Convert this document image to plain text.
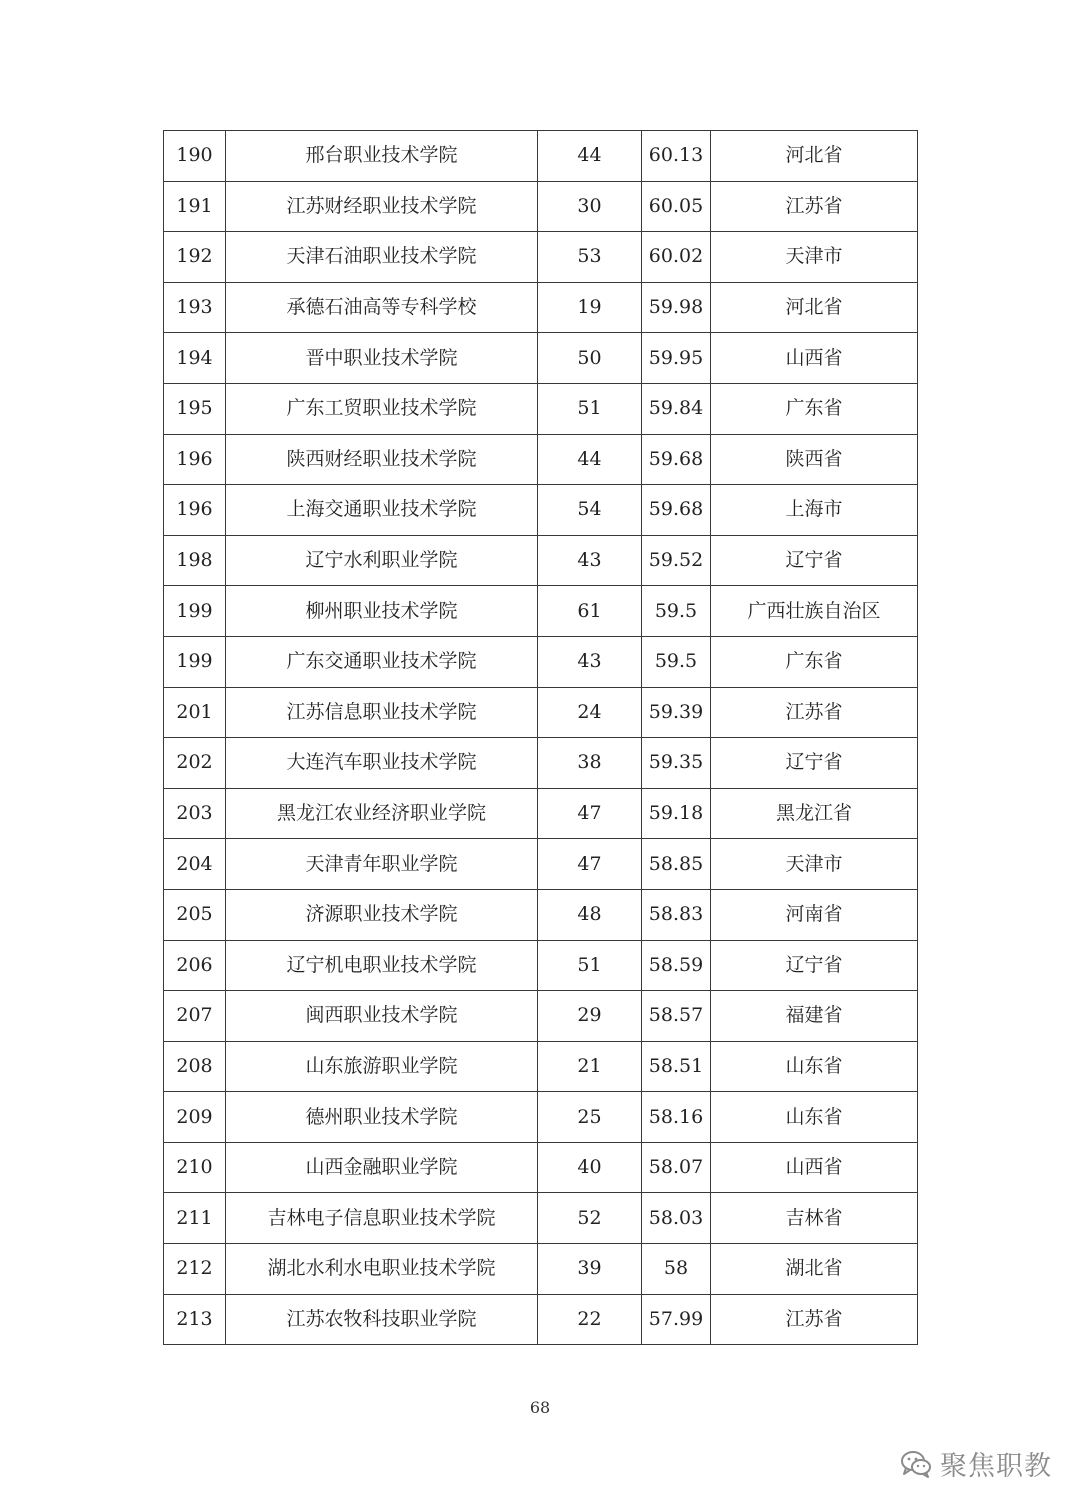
190	邢台职业技术学院	44	60.13	河北省
191	江苏财经职业技术学院	30	60.05	江苏省
192	天津石油职业技术学院	53	60.02	天津市
193	承德石油高等专科学校	19	59.98	河北省
194	晋中职业技术学院	50	59.95	山西省
195	广东工贸职业技术学院	51	59.84	广东省
196	陕西财经职业技术学院	44	59.68	陕西省
196	上海交通职业技术学院	54	59.68	上海市
198	辽宁水利职业学院	43	59.52	辽宁省
199	柳州职业技术学院	61	59.5	广西壮族自治区
199	广东交通职业技术学院	43	59.5	广东省
201	江苏信息职业技术学院	24	59.39	江苏省
202	大连汽车职业技术学院	38	59.35	辽宁省
203	黑龙江农业经济职业学院	47	59.18	黑龙江省
204	天津青年职业学院	47	58.85	天津市
205	济源职业技术学院	48	58.83	河南省
206	辽宁机电职业技术学院	51	58.59	辽宁省
207	闽西职业技术学院	29	58.57	福建省
208	山东旅游职业学院	21	58.51	山东省
209	德州职业技术学院	25	58.16	山东省
210	山西金融职业学院	40	58.07	山西省
211	吉林电子信息职业技术学院	52	58.03	吉林省
212	湖北水利水电职业技术学院	39	58	湖北省
213	江苏农牧科技职业学院	22	57.99	江苏省
68
聚焦职教
